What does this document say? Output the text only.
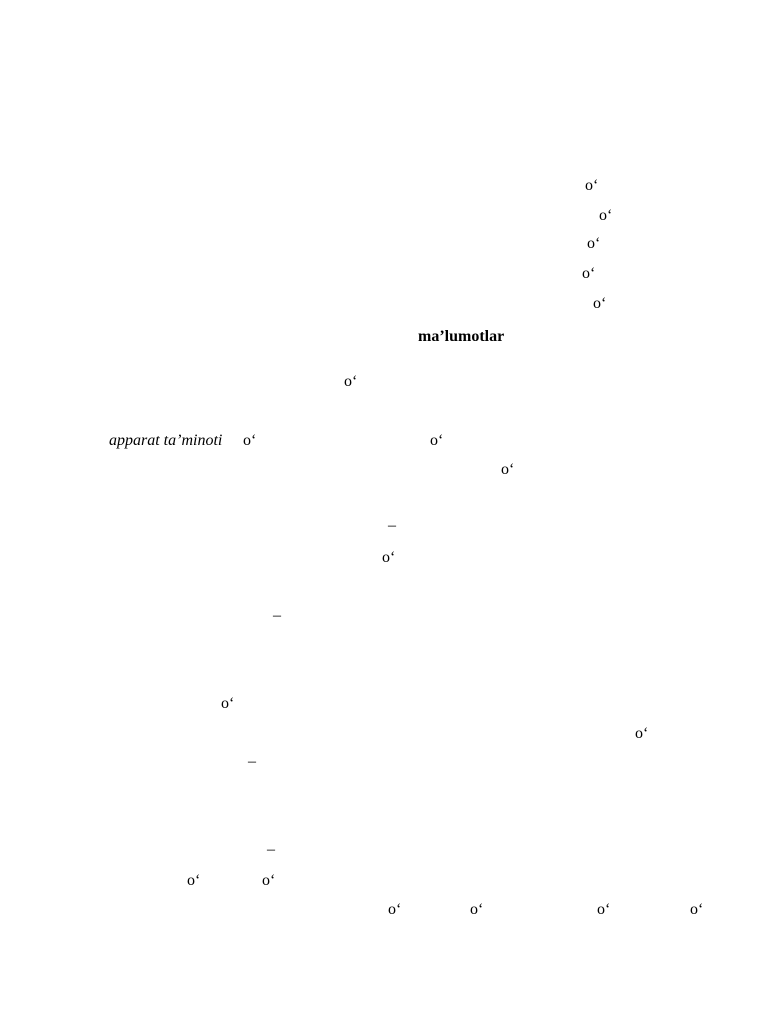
o‘
o‘
o‘
o‘
o‘
ma’lumotlar
o‘
apparat ta’minoti o‘	o‘
o‘
–
o‘
–
o‘
o‘
–
–
o‘	o‘
o‘	o‘	o‘	o‘
